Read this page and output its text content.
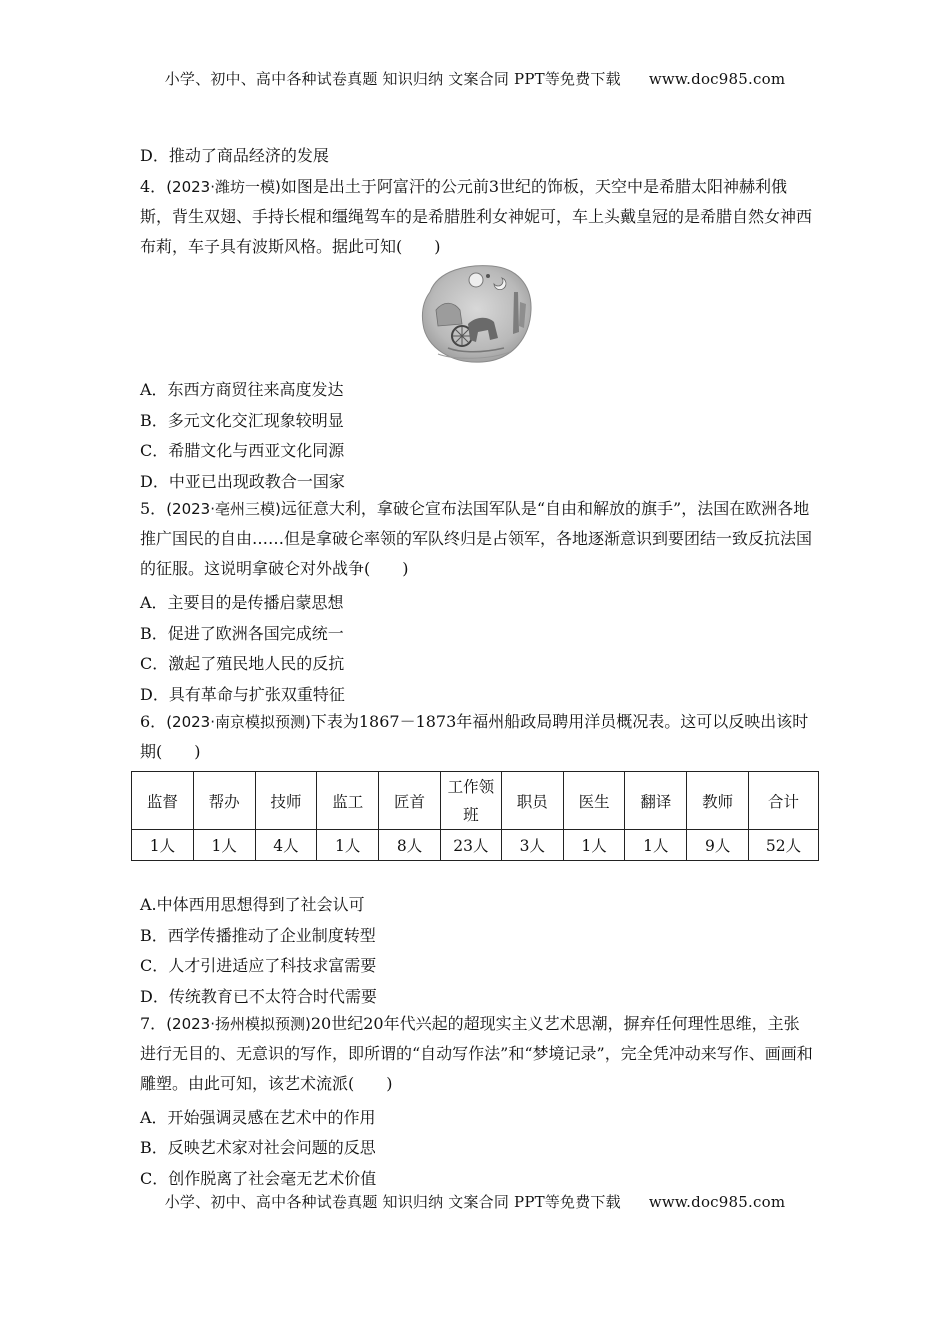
小学、初中、高中各种试卷真题 知识归纳 文案合同 PPT等免费下载 www.doc985.com
D．推动了商品经济的发展
4．(2023·潍坊一模)如图是出土于阿富汗的公元前3世纪的饰板，天空中是希腊太阳神赫利俄斯，背生双翅、手持长棍和缰绳驾车的是希腊胜利女神妮可，车上头戴皇冠的是希腊自然女神西布莉，车子具有波斯风格。据此可知(　　)
A．东西方商贸往来高度发达
B．多元文化交汇现象较明显
C．希腊文化与西亚文化同源
D．中亚已出现政教合一国家
5．(2023·亳州三模)远征意大利，拿破仑宣布法国军队是“自由和解放的旗手”，法国在欧洲各地推广国民的自由……但是拿破仑率领的军队终归是占领军，各地逐渐意识到要团结一致反抗法国的征服。这说明拿破仑对外战争(　　)
A．主要目的是传播启蒙思想
B．促进了欧洲各国完成统一
C．激起了殖民地人民的反抗
D．具有革命与扩张双重特征
6．(2023·南京模拟预测)下表为1867－1873年福州船政局聘用洋员概况表。这可以反映出该时期(　　)
监督	帮办	技师	监工	匠首	工作领班	职员	医生	翻译	教师	合计
1人	1人	4人	1人	8人	23人	3人	1人	1人	9人	52人
A.中体西用思想得到了社会认可
B．西学传播推动了企业制度转型
C．人才引进适应了科技求富需要
D．传统教育已不太符合时代需要
7．(2023·扬州模拟预测)20世纪20年代兴起的超现实主义艺术思潮，摒弃任何理性思维，主张进行无目的、无意识的写作，即所谓的“自动写作法”和“梦境记录”，完全凭冲动来写作、画画和雕塑。由此可知，该艺术流派(　　)
A．开始强调灵感在艺术中的作用
B．反映艺术家对社会问题的反思
C．创作脱离了社会毫无艺术价值
小学、初中、高中各种试卷真题 知识归纳 文案合同 PPT等免费下载 www.doc985.com
